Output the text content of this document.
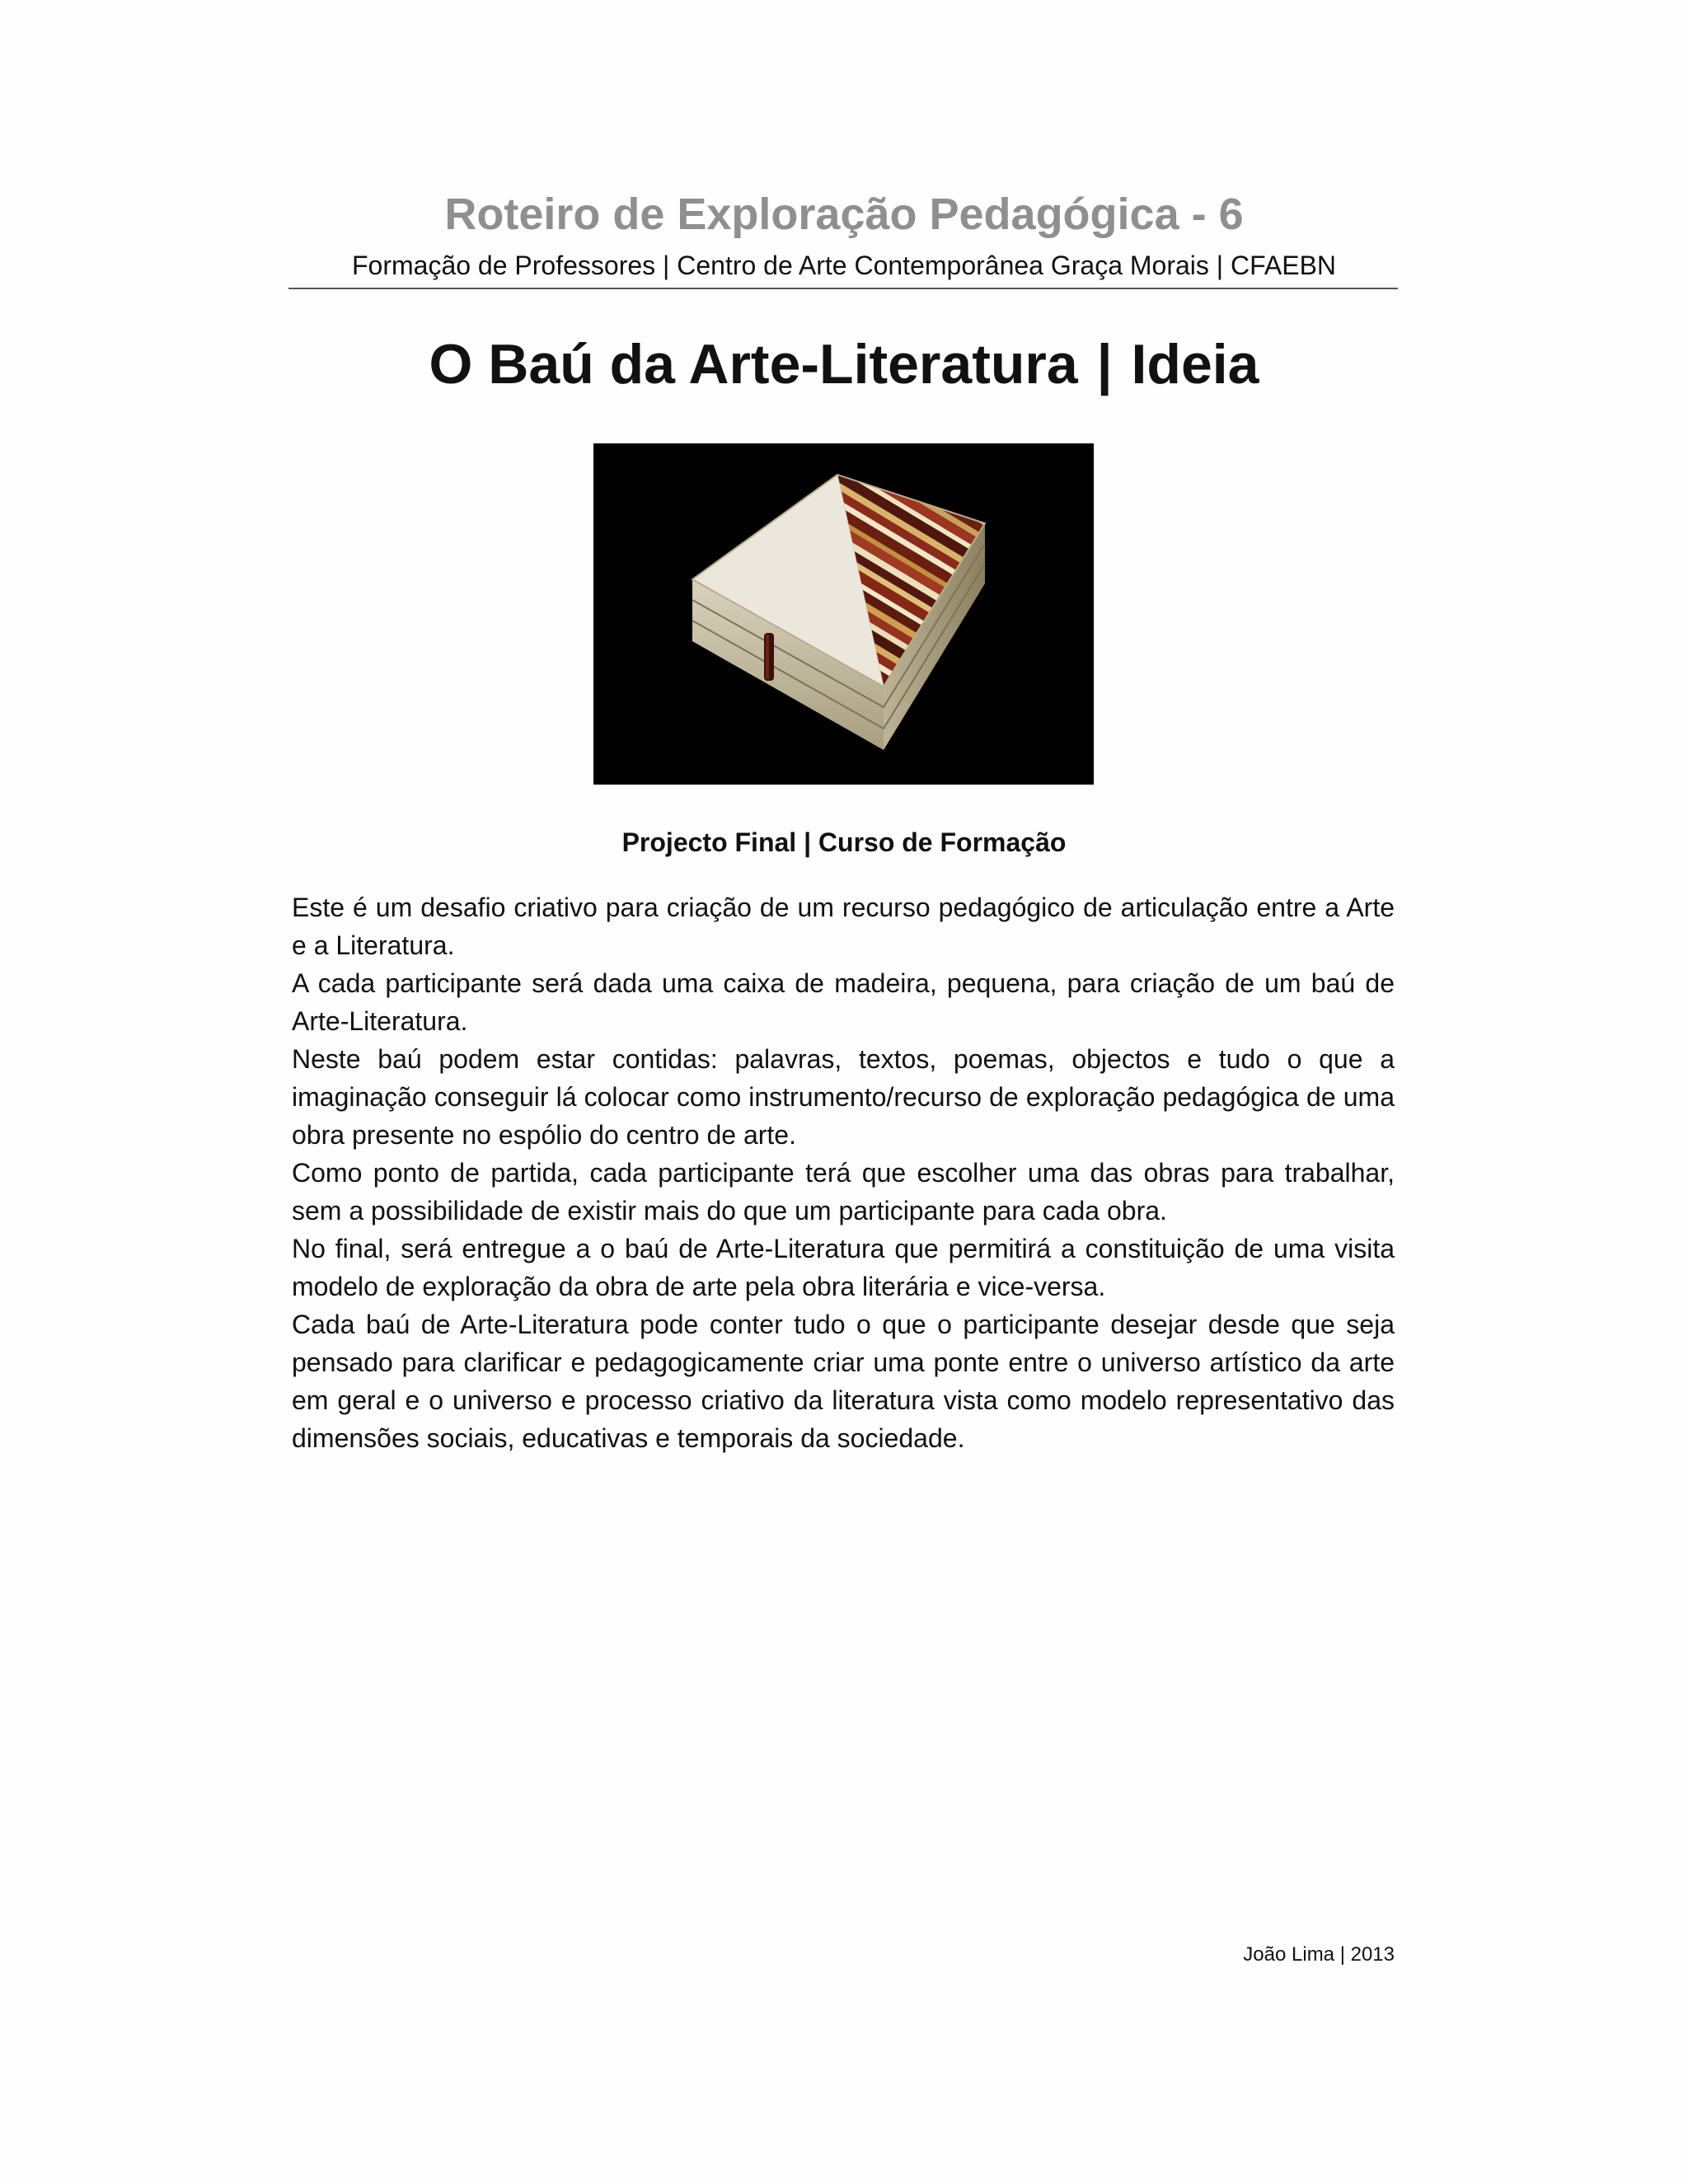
Roteiro de Exploração Pedagógica - 6
Formação de Professores | Centro de Arte Contemporânea Graça Morais | CFAEBN
O Baú da Arte-Literatura | Ideia
Projecto Final | Curso de Formação

Este é um desafio criativo para criação de um recurso pedagógico de articulação entre a Arte e a Literatura.

A cada participante será dada uma caixa de madeira, pequena, para criação de um baú de Arte-Literatura.

Neste baú podem estar contidas: palavras, textos, poemas, objectos e tudo o que a imaginação conseguir lá colocar como instrumento/recurso de exploração pedagógica de uma obra presente no espólio do centro de arte.

Como ponto de partida, cada participante terá que escolher uma das obras para trabalhar, sem a possibilidade de existir mais do que um participante para cada obra.

No final, será entregue a o baú de Arte-Literatura que permitirá a constituição de uma visita modelo de exploração da obra de arte pela obra literária e vice-versa.

Cada baú de Arte-Literatura pode conter tudo o que o participante desejar desde que seja pensado para clarificar e pedagogicamente criar uma ponte entre o universo artístico da arte em geral e o universo e processo criativo da literatura vista como modelo representativo das dimensões sociais, educativas e temporais da sociedade.

João Lima | 2013
